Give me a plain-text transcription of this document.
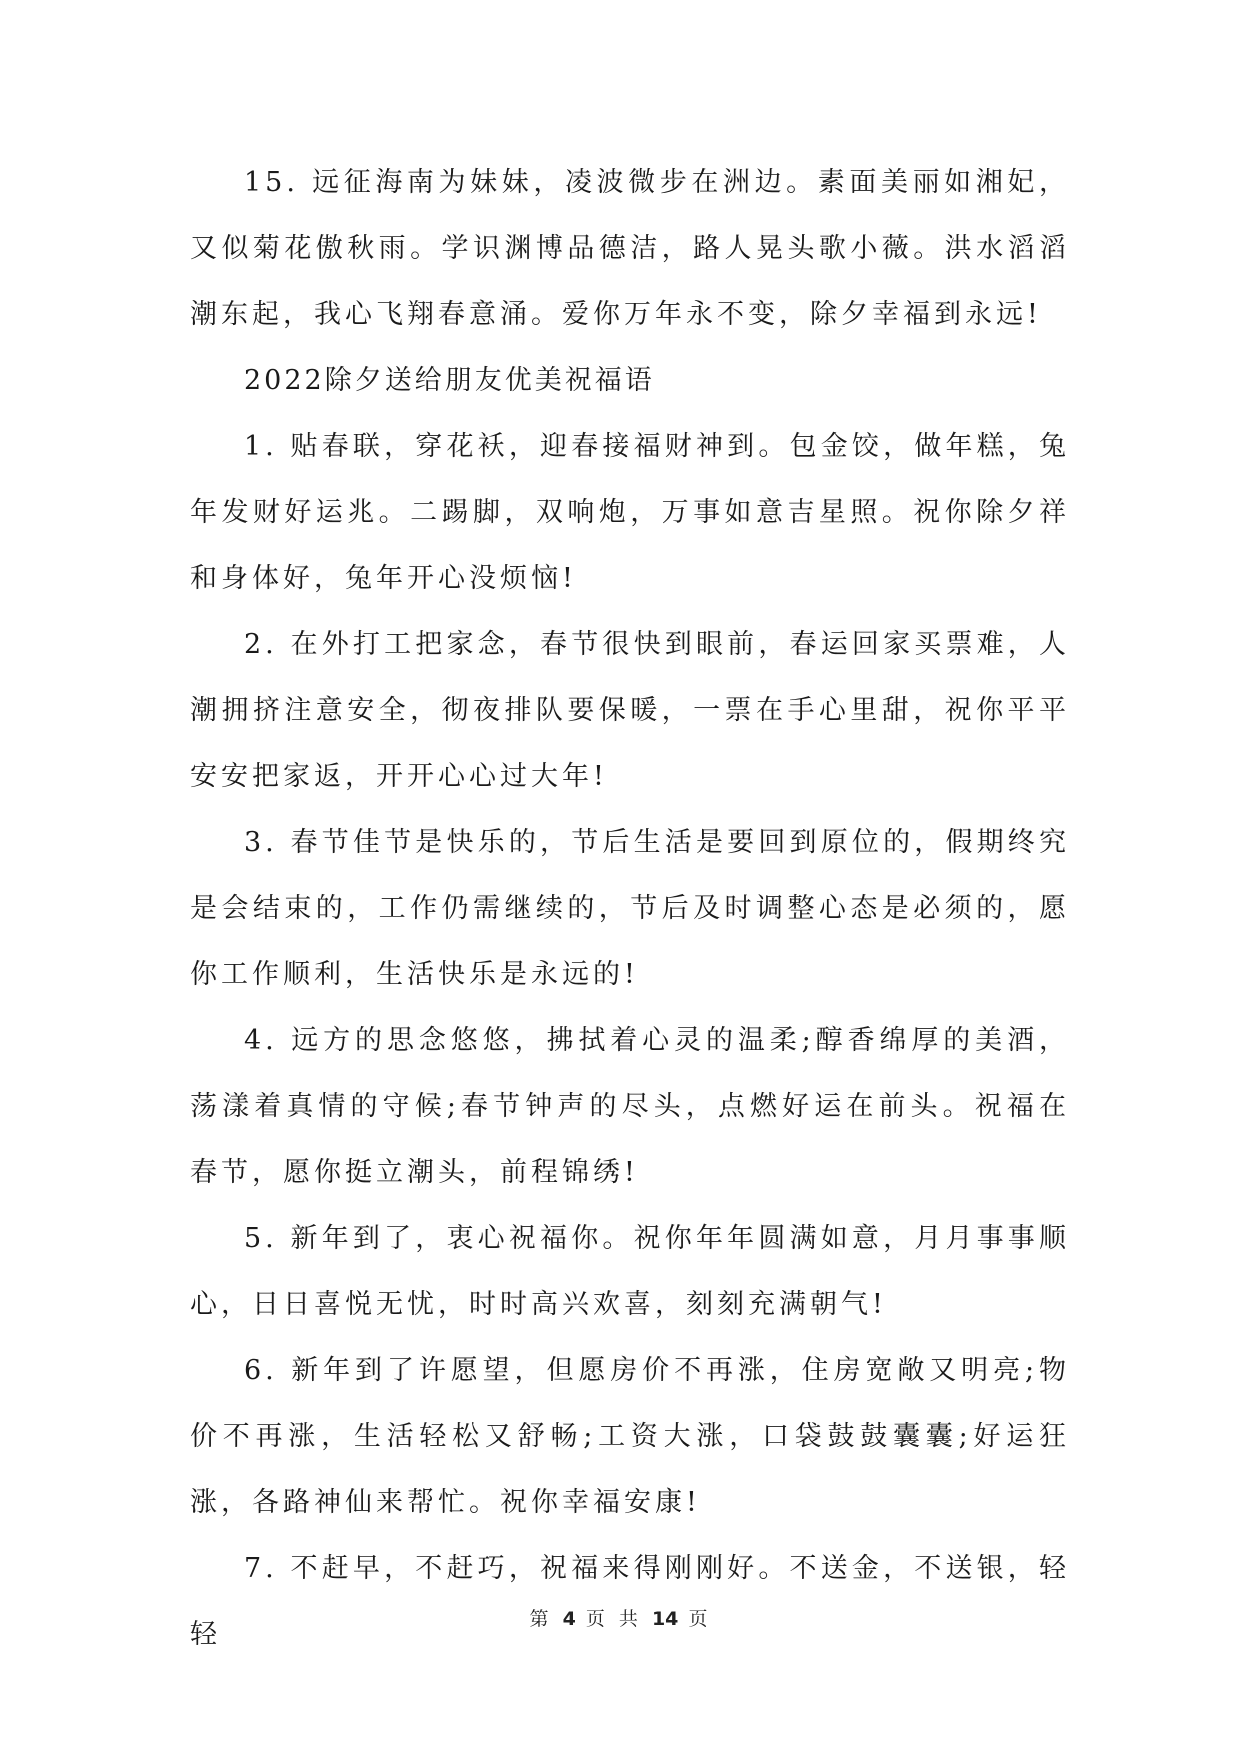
15. 远征海南为妹妹，凌波微步在洲边。素面美丽如湘妃，又似菊花傲秋雨。学识渊博品德洁，路人晃头歌小薇。洪水滔滔潮东起，我心飞翔春意涌。爱你万年永不变，除夕幸福到永远!

2022除夕送给朋友优美祝福语

1. 贴春联，穿花袄，迎春接福财神到。包金饺，做年糕，兔年发财好运兆。二踢脚，双响炮，万事如意吉星照。祝你除夕祥和身体好，兔年开心没烦恼!

2. 在外打工把家念，春节很快到眼前，春运回家买票难，人潮拥挤注意安全，彻夜排队要保暖，一票在手心里甜，祝你平平安安把家返，开开心心过大年!

3. 春节佳节是快乐的，节后生活是要回到原位的，假期终究是会结束的，工作仍需继续的，节后及时调整心态是必须的，愿你工作顺利，生活快乐是永远的!

4. 远方的思念悠悠，拂拭着心灵的温柔;醇香绵厚的美酒，荡漾着真情的守候;春节钟声的尽头，点燃好运在前头。祝福在春节，愿你挺立潮头，前程锦绣!

5. 新年到了，衷心祝福你。祝你年年圆满如意，月月事事顺心，日日喜悦无忧，时时高兴欢喜，刻刻充满朝气!

6. 新年到了许愿望，但愿房价不再涨，住房宽敞又明亮;物价不再涨，生活轻松又舒畅;工资大涨，口袋鼓鼓囊囊;好运狂涨，各路神仙来帮忙。祝你幸福安康!

7. 不赶早，不赶巧，祝福来得刚刚好。不送金，不送银，轻轻	第 4 页 共 14 页
